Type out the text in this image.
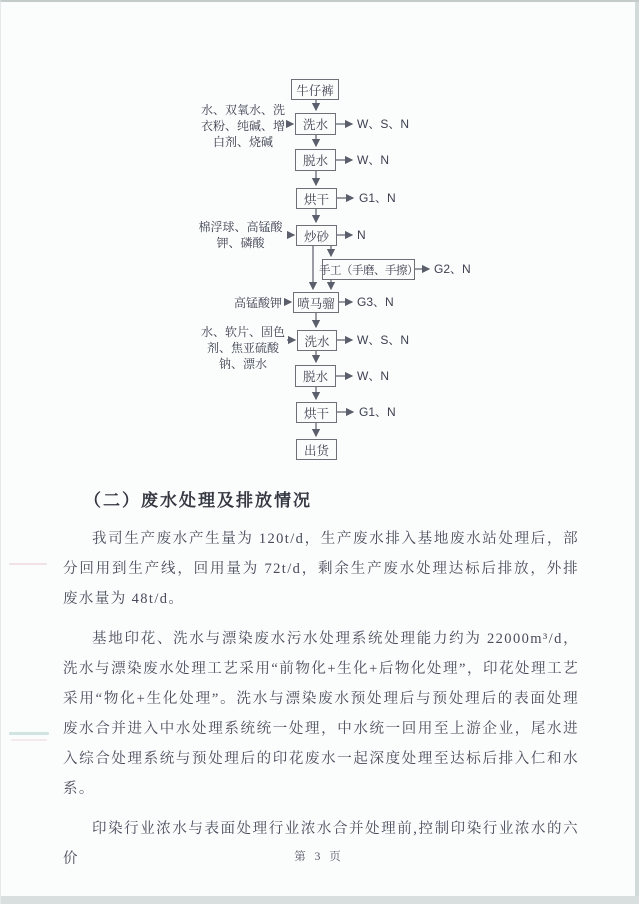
牛仔裤
洗水
脱水
烘干
炒砂
手工（手磨、手擦）
喷马骝
洗水
脱水
烘干
出货
水、双氧水、洗衣粉、纯碱、增白剂、烧碱
棉浮球、高锰酸钾、磷酸
高锰酸钾
水、软片、固色剂、焦亚硫酸钠、漂水
W、S、N
W、N
G1、N
N
G2、N
G3、N
W、S、N
W、N
G1、N
（二）废水处理及排放情况

我司生产废水产生量为 120t/d，生产废水排入基地废水站处理后，部分回用到生产线，回用量为 72t/d，剩余生产废水处理达标后排放，外排废水量为 48t/d。

基地印花、洗水与漂染废水污水处理系统处理能力约为 22000m³/d，洗水与漂染废水处理工艺采用“前物化+生化+后物化处理”，印花处理工艺采用“物化+生化处理”。洗水与漂染废水预处理后与预处理后的表面处理废水合并进入中水处理系统统一处理，中水统一回用至上游企业，尾水进入综合处理系统与预处理后的印花废水一起深度处理至达标后排入仁和水系。

印染行业浓水与表面处理行业浓水合并处理前,控制印染行业浓水的六价	第 3 页
